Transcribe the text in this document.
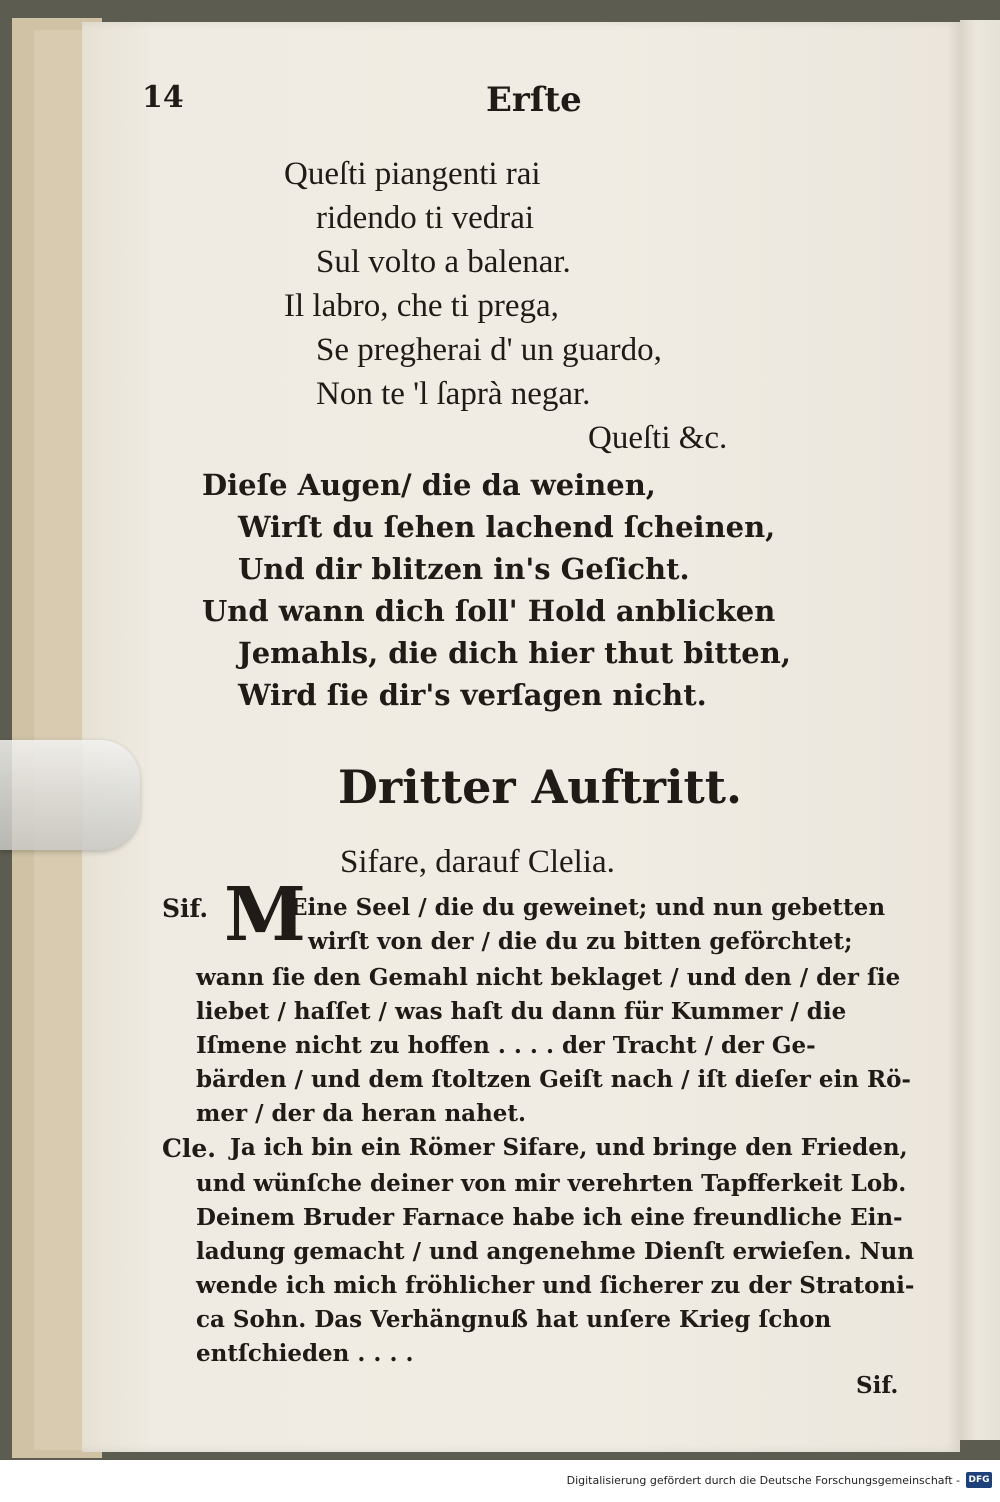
14	Erſte
Queſti piangenti rai
ridendo ti vedrai
Sul volto a balenar.
Il labro, che ti prega,
Se pregherai d' un guardo,
Non te 'l ſaprà negar.
Queſti &c.
Dieſe Augen/ die da weinen,
Wirſt du ſehen lachend ſcheinen,
Und dir blitzen in's Geſicht.
Und wann dich ſoll' Hold anblicken
Jemahls, die dich hier thut bitten,
Wird ſie dir's verſagen nicht.
Dritter Auftritt.
Sifare, darauf Clelia.
Sif. M
Eine Seel / die du geweinet; und nun gebetten
wirſt von der / die du zu bitten geförchtet;
wann ſie den Gemahl nicht beklaget / und den / der ſie
liebet / haſſet / was haſt du dann für Kummer / die
Iſmene nicht zu hoffen . . . . der Tracht / der Ge-
bärden / und dem ſtoltzen Geiſt nach / iſt dieſer ein Rö-
mer / der da heran nahet.
Cle. Ja ich bin ein Römer Sifare, und bringe den Frieden,
und wünſche deiner von mir verehrten Tapfferkeit Lob.
Deinem Bruder Farnace habe ich eine freundliche Ein-
ladung gemacht / und angenehme Dienſt erwieſen. Nun
wende ich mich fröhlicher und ſicherer zu der Stratoni-
ca Sohn. Das Verhängnuß hat unſere Krieg ſchon
entſchieden . . . .
Sif.
Digitalisierung gefördert durch die Deutsche Forschungsgemeinschaft - DFG
